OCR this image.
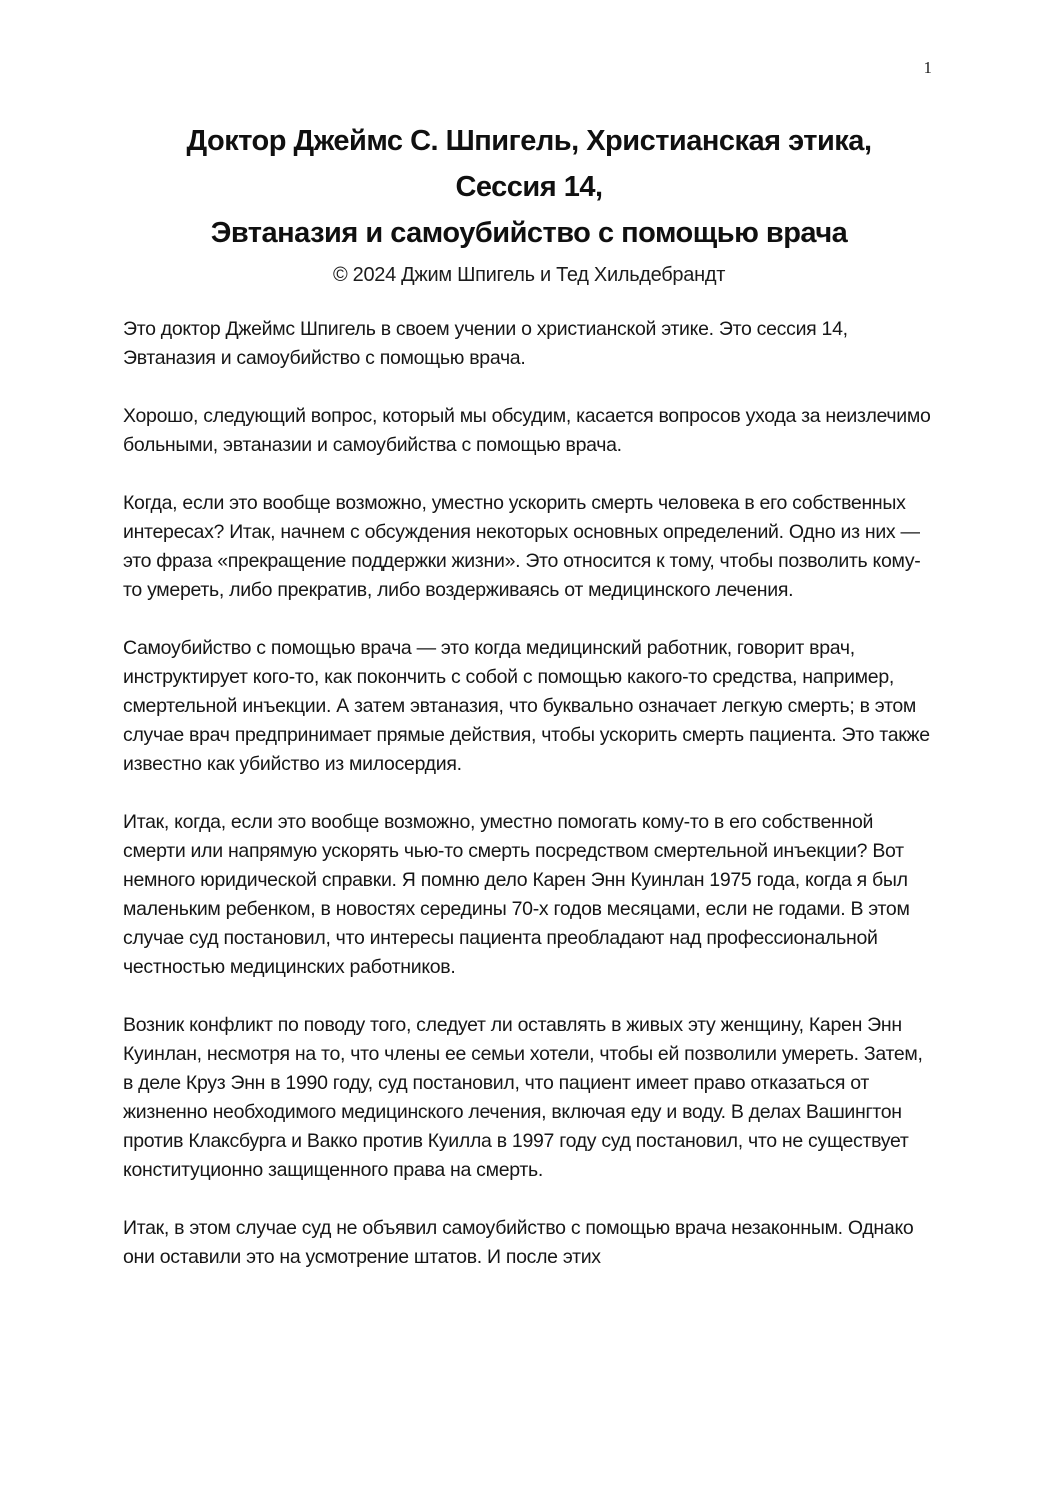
1
Доктор Джеймс С. Шпигель, Христианская этика,
Сессия 14,
Эвтаназия и самоубийство с помощью врача
© 2024 Джим Шпигель и Тед Хильдебрандт

Это доктор Джеймс Шпигель в своем учении о христианской этике. Это сессия 14, Эвтаназия и самоубийство с помощью врача.

Хорошо, следующий вопрос, который мы обсудим, касается вопросов ухода за неизлечимо больными, эвтаназии и самоубийства с помощью врача.

Когда, если это вообще возможно, уместно ускорить смерть человека в его собственных интересах? Итак, начнем с обсуждения некоторых основных определений. Одно из них — это фраза «прекращение поддержки жизни». Это относится к тому, чтобы позволить кому-то умереть, либо прекратив, либо воздерживаясь от медицинского лечения.

Самоубийство с помощью врача — это когда медицинский работник, говорит врач, инструктирует кого-то, как покончить с собой с помощью какого-то средства, например, смертельной инъекции. А затем эвтаназия, что буквально означает легкую смерть; в этом случае врач предпринимает прямые действия, чтобы ускорить смерть пациента. Это также известно как убийство из милосердия.

Итак, когда, если это вообще возможно, уместно помогать кому-то в его собственной смерти или напрямую ускорять чью-то смерть посредством смертельной инъекции? Вот немного юридической справки. Я помню дело Карен Энн Куинлан 1975 года, когда я был маленьким ребенком, в новостях середины 70-х годов месяцами, если не годами. В этом случае суд постановил, что интересы пациента преобладают над профессиональной честностью медицинских работников.

Возник конфликт по поводу того, следует ли оставлять в живых эту женщину, Карен Энн Куинлан, несмотря на то, что члены ее семьи хотели, чтобы ей позволили умереть. Затем, в деле Круз Энн в 1990 году, суд постановил, что пациент имеет право отказаться от жизненно необходимого медицинского лечения, включая еду и воду. В делах Вашингтон против Клаксбурга и Вакко против Куилла в 1997 году суд постановил, что не существует конституционно защищенного права на смерть.

Итак, в этом случае суд не объявил самоубийство с помощью врача незаконным. Однако они оставили это на усмотрение штатов. И после этих
